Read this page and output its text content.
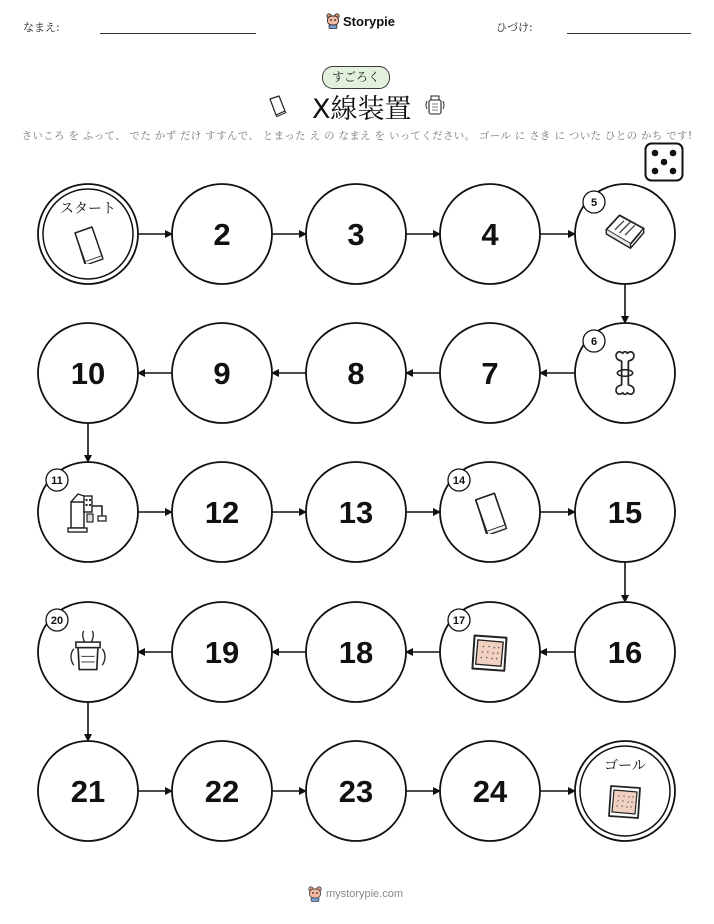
なまえ:	Storypie	ひづけ:
すごろく
X線装置
さいころ を ふって、 でた かず だけ すすんで、 とまった え の なまえ を いってください。 ゴール に さき に ついた ひとの かち です!
スタート
2	3	4
5
6
7
8
9
10
11
12	13
14
15
16
17
18
19
20
21	22	23	24
ゴール
mystorypie.com
